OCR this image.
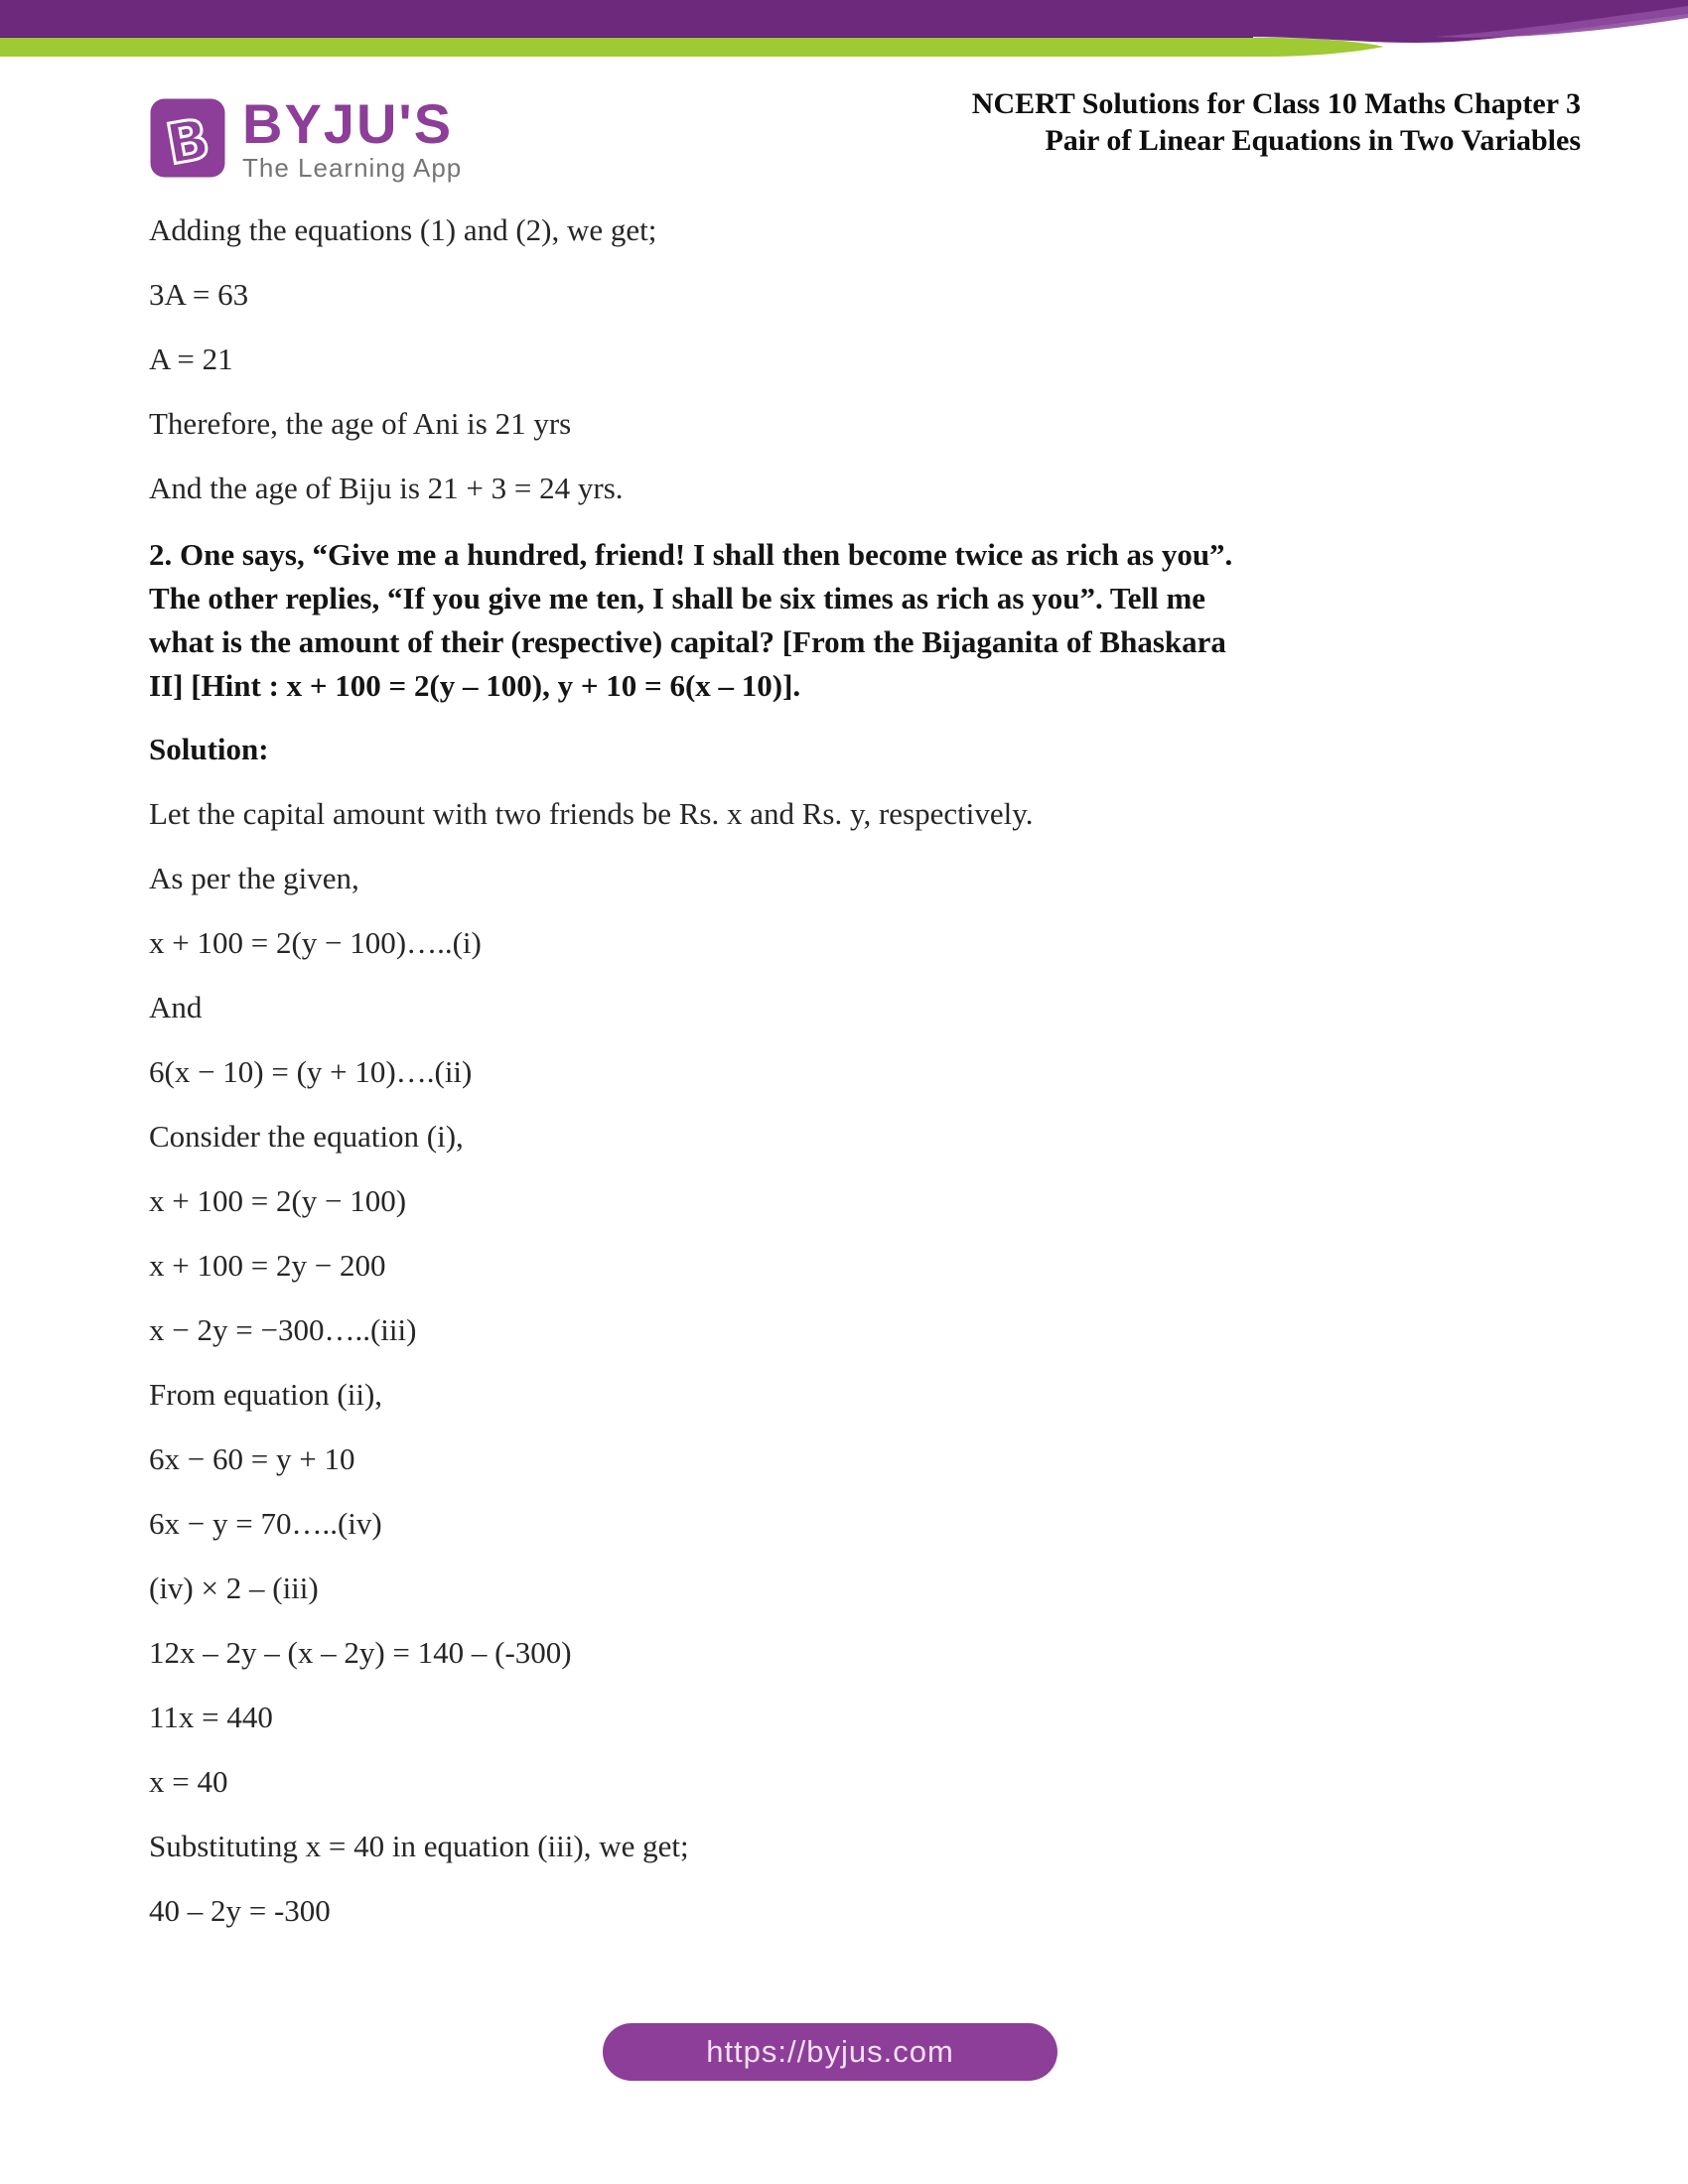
B BYJU'S
The Learning App
NCERT Solutions for Class 10 Maths Chapter 3
Pair of Linear Equations in Two Variables

Adding the equations (1) and (2), we get;

3A = 63

A = 21

Therefore, the age of Ani is 21 yrs

And the age of Biju is 21 + 3 = 24 yrs.

2. One says, “Give me a hundred, friend! I shall then become twice as rich as you”.

The other replies, “If you give me ten, I shall be six times as rich as you”. Tell me

what is the amount of their (respective) capital? [From the Bijaganita of Bhaskara

II] [Hint : x + 100 = 2(y – 100), y + 10 = 6(x – 10)].

Solution:

Let the capital amount with two friends be Rs. x and Rs. y, respectively.

As per the given,

x + 100 = 2(y − 100)…..(i)

And

6(x − 10) = (y + 10)….(ii)

Consider the equation (i),

x + 100 = 2(y − 100)

x + 100 = 2y − 200

x − 2y = −300…..(iii)

From equation (ii),

6x − 60 = y + 10

6x − y = 70…..(iv)

(iv) × 2 – (iii)

12x – 2y – (x – 2y) = 140 – (-300)

11x = 440

x = 40

Substituting x = 40 in equation (iii), we get;

40 – 2y = -300

https://byjus.com
